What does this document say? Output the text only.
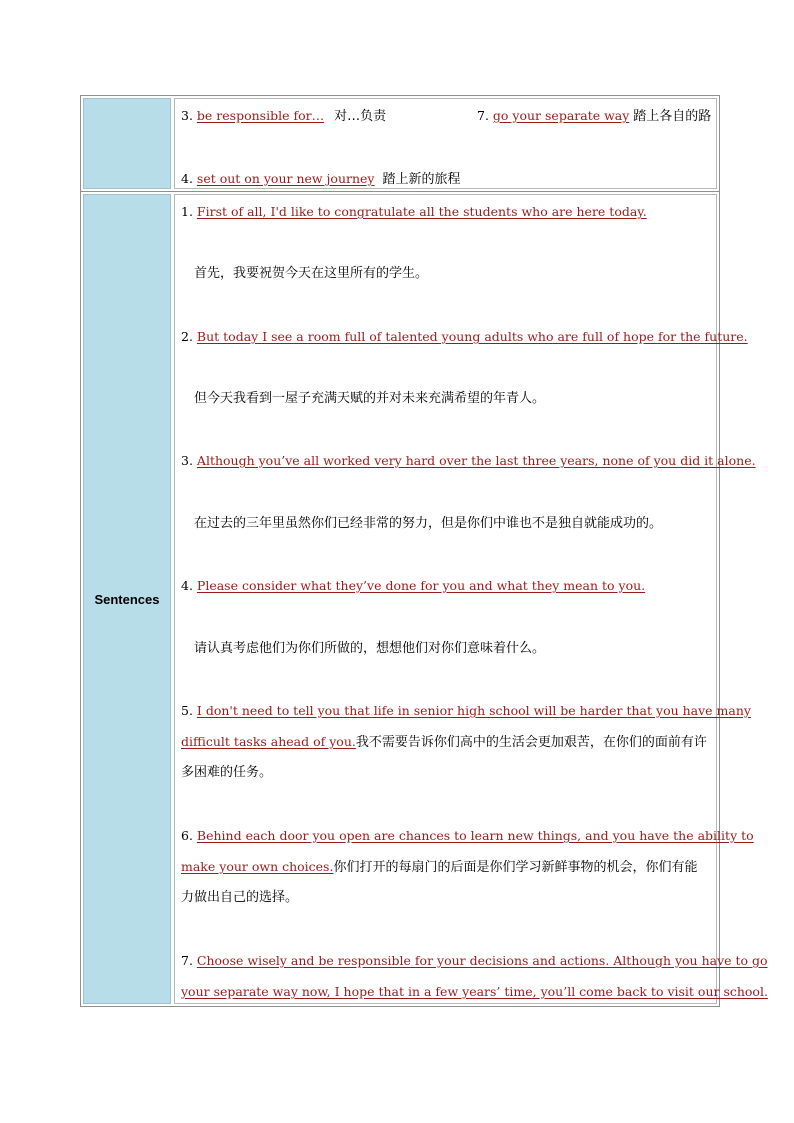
3. be responsible for… 对…负责	7. go your separate way 踏上各自的路
4. set out on your new journey 踏上新的旅程
Sentences
1. First of all, I'd like to congratulate all the students who are here today.
首先，我要祝贺今天在这里所有的学生。
2. But today I see a room full of talented young adults who are full of hope for the future.
但今天我看到一屋子充满天赋的并对未来充满希望的年青人。
3. Although you’ve all worked very hard over the last three years, none of you did it alone.
在过去的三年里虽然你们已经非常的努力，但是你们中谁也不是独自就能成功的。
4. Please consider what they’ve done for you and what they mean to you.
请认真考虑他们为你们所做的，想想他们对你们意味着什么。
5. I don't need to tell you that life in senior high school will be harder that you have many
difficult tasks ahead of you.我不需要告诉你们高中的生活会更加艰苦，在你们的面前有许
多困难的任务。
6. Behind each door you open are chances to learn new things, and you have the ability to
make your own choices.你们打开的每扇门的后面是你们学习新鲜事物的机会，你们有能
力做出自己的选择。
7. Choose wisely and be responsible for your decisions and actions. Although you have to go
your separate way now, I hope that in a few years’ time, you’ll come back to visit our school.
